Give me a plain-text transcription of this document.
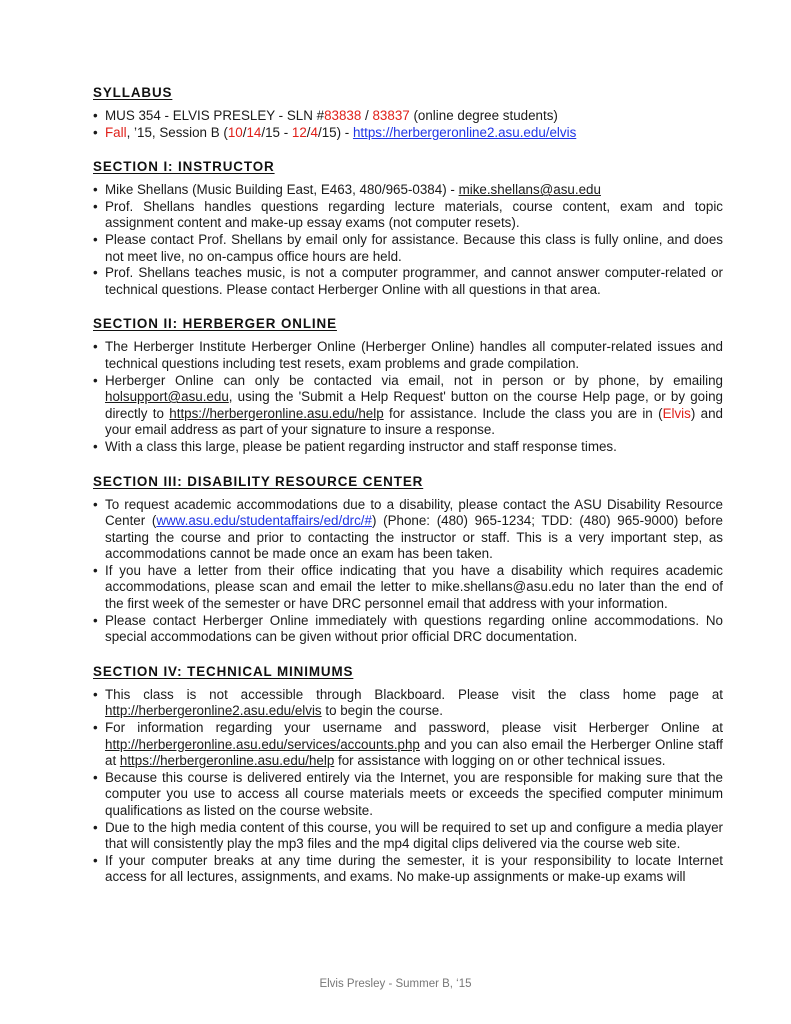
SYLLABUS
• MUS 354 - ELVIS PRESLEY - SLN #83838 / 83837 (online degree students)
• Fall, ’15, Session B (10/14/15 - 12/4/15) - https://herbergeronline2.asu.edu/elvis
SECTION I: INSTRUCTOR
• Mike Shellans (Music Building East, E463, 480/965-0384) - mike.shellans@asu.edu
• Prof. Shellans handles questions regarding lecture materials, course content, exam and topic assignment content and make-up essay exams (not computer resets).
• Please contact Prof. Shellans by email only for assistance. Because this class is fully online, and does not meet live, no on-campus office hours are held.
• Prof. Shellans teaches music, is not a computer programmer, and cannot answer computer-related or technical questions. Please contact Herberger Online with all questions in that area.
SECTION II: HERBERGER ONLINE
• The Herberger Institute Herberger Online (Herberger Online) handles all computer-related issues and technical questions including test resets, exam problems and grade compilation.
• Herberger Online can only be contacted via email, not in person or by phone, by emailing holsupport@asu.edu, using the 'Submit a Help Request' button on the course Help page, or by going directly to https://herbergeronline.asu.edu/help for assistance. Include the class you are in (Elvis) and your email address as part of your signature to insure a response.
• With a class this large, please be patient regarding instructor and staff response times.
SECTION III: DISABILITY RESOURCE CENTER
• To request academic accommodations due to a disability, please contact the ASU Disability Resource Center (www.asu.edu/studentaffairs/ed/drc/#) (Phone: (480) 965-1234; TDD: (480) 965-9000) before starting the course and prior to contacting the instructor or staff. This is a very important step, as accommodations cannot be made once an exam has been taken.
• If you have a letter from their office indicating that you have a disability which requires academic accommodations, please scan and email the letter to mike.shellans@asu.edu no later than the end of the first week of the semester or have DRC personnel email that address with your information.
• Please contact Herberger Online immediately with questions regarding online accommodations. No special accommodations can be given without prior official DRC documentation.
SECTION IV: TECHNICAL MINIMUMS
• This class is not accessible through Blackboard. Please visit the class home page at http://herbergeronline2.asu.edu/elvis to begin the course.
• For information regarding your username and password, please visit Herberger Online at http://herbergeronline.asu.edu/services/accounts.php and you can also email the Herberger Online staff at https://herbergeronline.asu.edu/help for assistance with logging on or other technical issues.
• Because this course is delivered entirely via the Internet, you are responsible for making sure that the computer you use to access all course materials meets or exceeds the specified computer minimum qualifications as listed on the course website.
• Due to the high media content of this course, you will be required to set up and configure a media player that will consistently play the mp3 files and the mp4 digital clips delivered via the course web site.
• If your computer breaks at any time during the semester, it is your responsibility to locate Internet access for all lectures, assignments, and exams. No make-up assignments or make-up exams will
Elvis Presley - Summer B, ‘15
